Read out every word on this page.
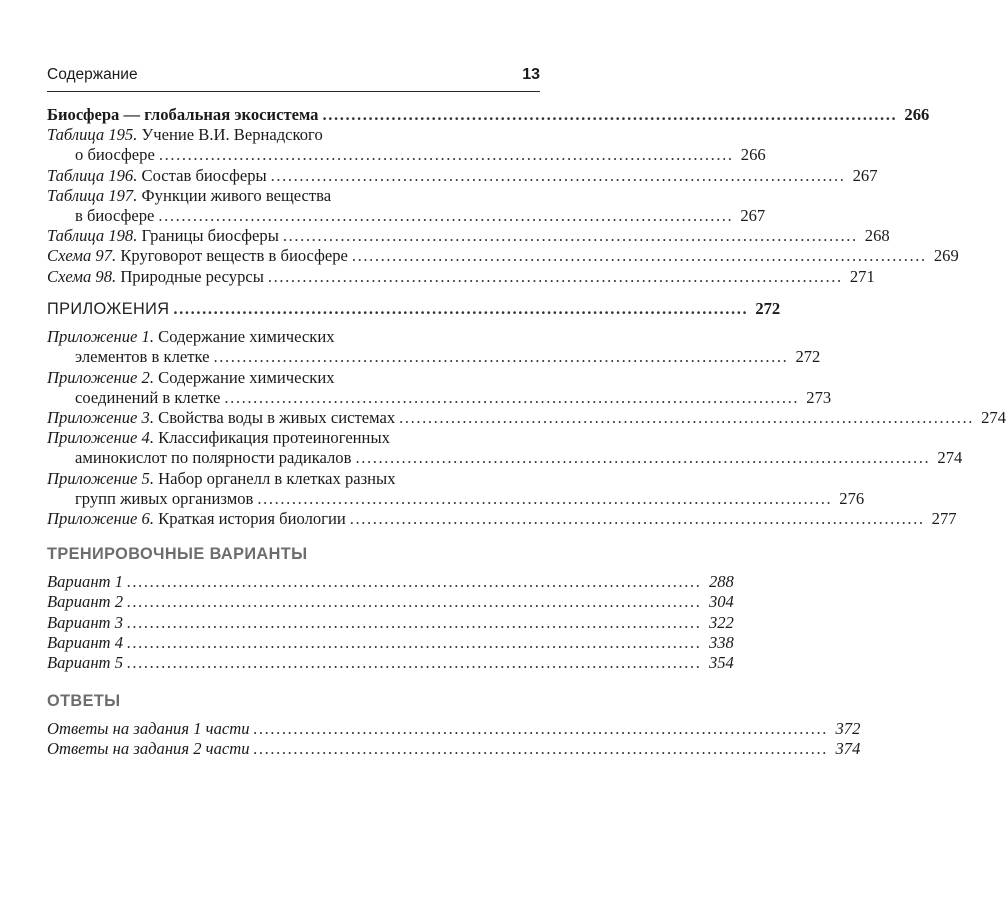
Содержание	13
Биосфера — глобальная экосистема .................................................................................................... 266
Таблица 195. Учение В.И. Вернадского
о биосфере .................................................................................................... 266
Таблица 196. Состав биосферы .................................................................................................... 267
Таблица 197. Функции живого вещества
в биосфере .................................................................................................... 267
Таблица 198. Границы биосферы .................................................................................................... 268
Схема 97. Круговорот веществ в биосфере .................................................................................................... 269
Схема 98. Природные ресурсы .................................................................................................... 271
ПРИЛОЖЕНИЯ .................................................................................................... 272
Приложение 1. Содержание химических
элементов в клетке .................................................................................................... 272
Приложение 2. Содержание химических
соединений в клетке .................................................................................................... 273
Приложение 3. Свойства воды в живых системах .................................................................................................... 274
Приложение 4. Классификация протеиногенных
аминокислот по полярности радикалов .................................................................................................... 274
Приложение 5. Набор органелл в клетках разных
групп живых организмов .................................................................................................... 276
Приложение 6. Краткая история биологии .................................................................................................... 277
ТРЕНИРОВОЧНЫЕ ВАРИАНТЫ
Вариант 1 .................................................................................................... 288
Вариант 2 .................................................................................................... 304
Вариант 3 .................................................................................................... 322
Вариант 4 .................................................................................................... 338
Вариант 5 .................................................................................................... 354
ОТВЕТЫ
Ответы на задания 1 части .................................................................................................... 372
Ответы на задания 2 части .................................................................................................... 374
